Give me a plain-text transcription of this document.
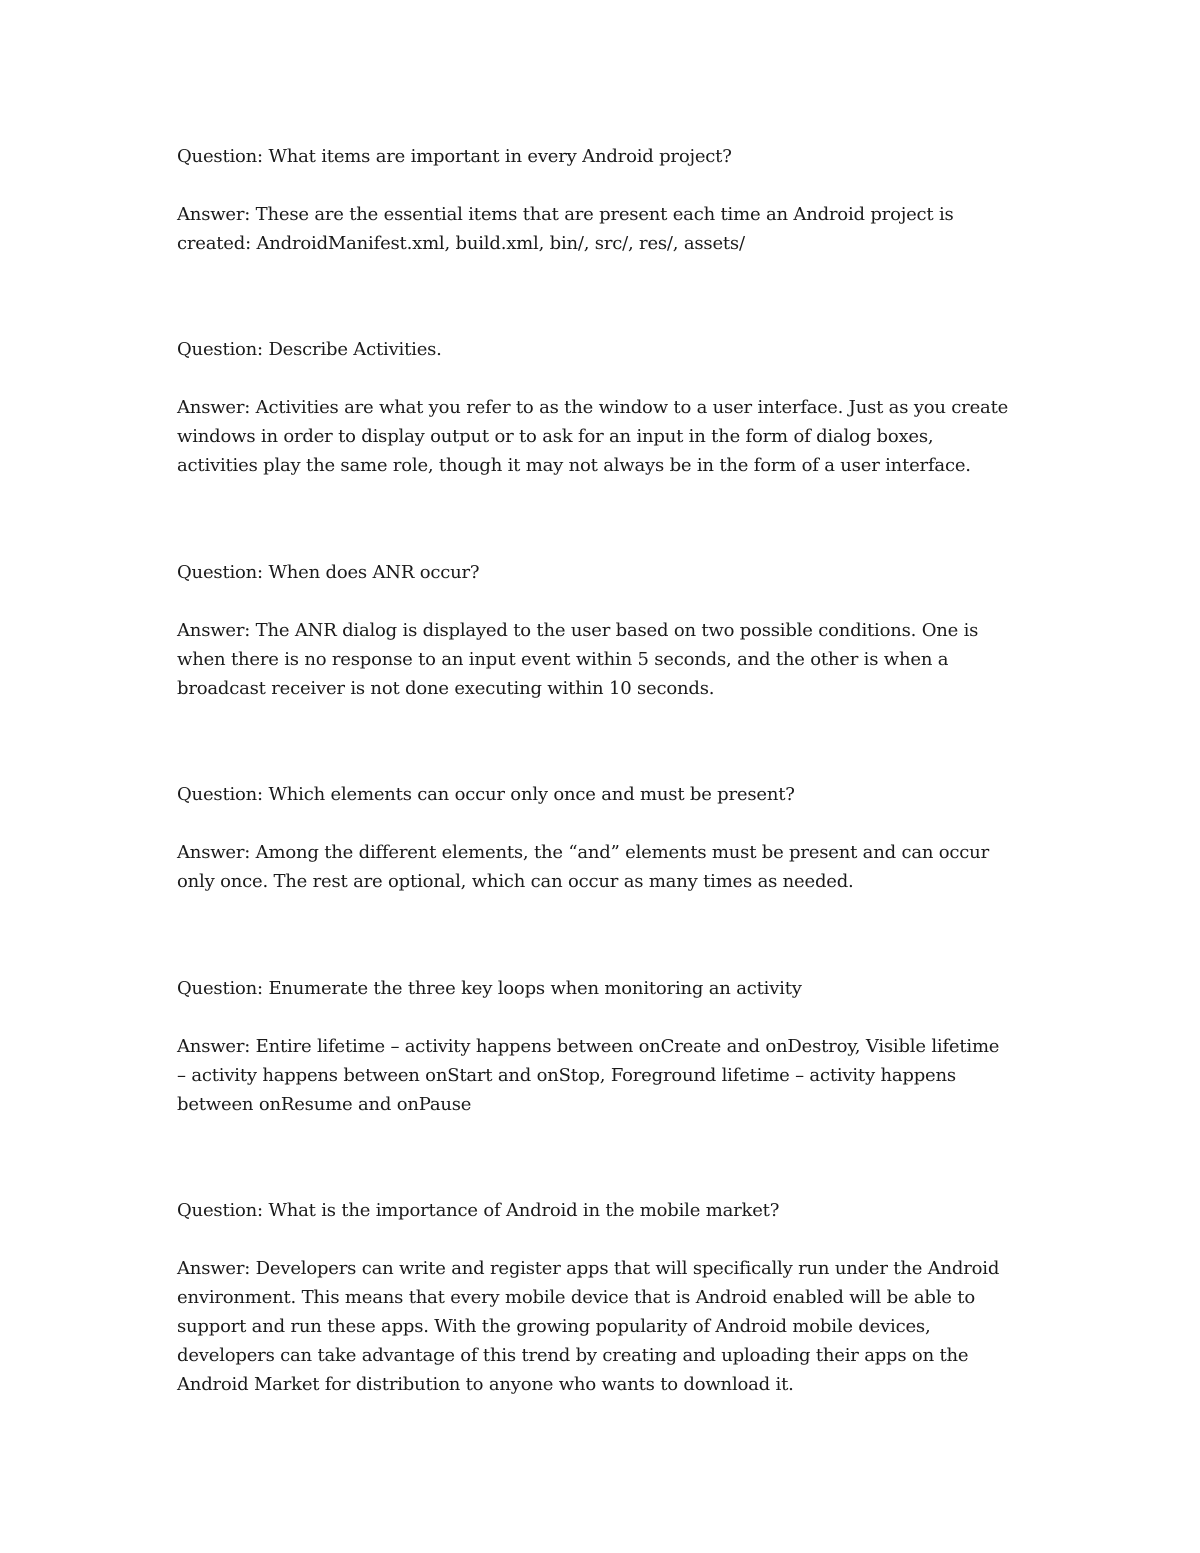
Question: What items are important in every Android project?
Answer: These are the essential items that are present each time an Android project is
created: AndroidManifest.xml, build.xml, bin/, src/, res/, assets/
Question: Describe Activities.
Answer: Activities are what you refer to as the window to a user interface. Just as you create
windows in order to display output or to ask for an input in the form of dialog boxes,
activities play the same role, though it may not always be in the form of a user interface.
Question: When does ANR occur?
Answer: The ANR dialog is displayed to the user based on two possible conditions. One is
when there is no response to an input event within 5 seconds, and the other is when a
broadcast receiver is not done executing within 10 seconds.
Question: Which elements can occur only once and must be present?
Answer: Among the different elements, the “and” elements must be present and can occur
only once. The rest are optional, which can occur as many times as needed.
Question: Enumerate the three key loops when monitoring an activity
Answer: Entire lifetime – activity happens between onCreate and onDestroy, Visible lifetime
– activity happens between onStart and onStop, Foreground lifetime – activity happens
between onResume and onPause
Question: What is the importance of Android in the mobile market?
Answer: Developers can write and register apps that will specifically run under the Android
environment. This means that every mobile device that is Android enabled will be able to
support and run these apps. With the growing popularity of Android mobile devices,
developers can take advantage of this trend by creating and uploading their apps on the
Android Market for distribution to anyone who wants to download it.
